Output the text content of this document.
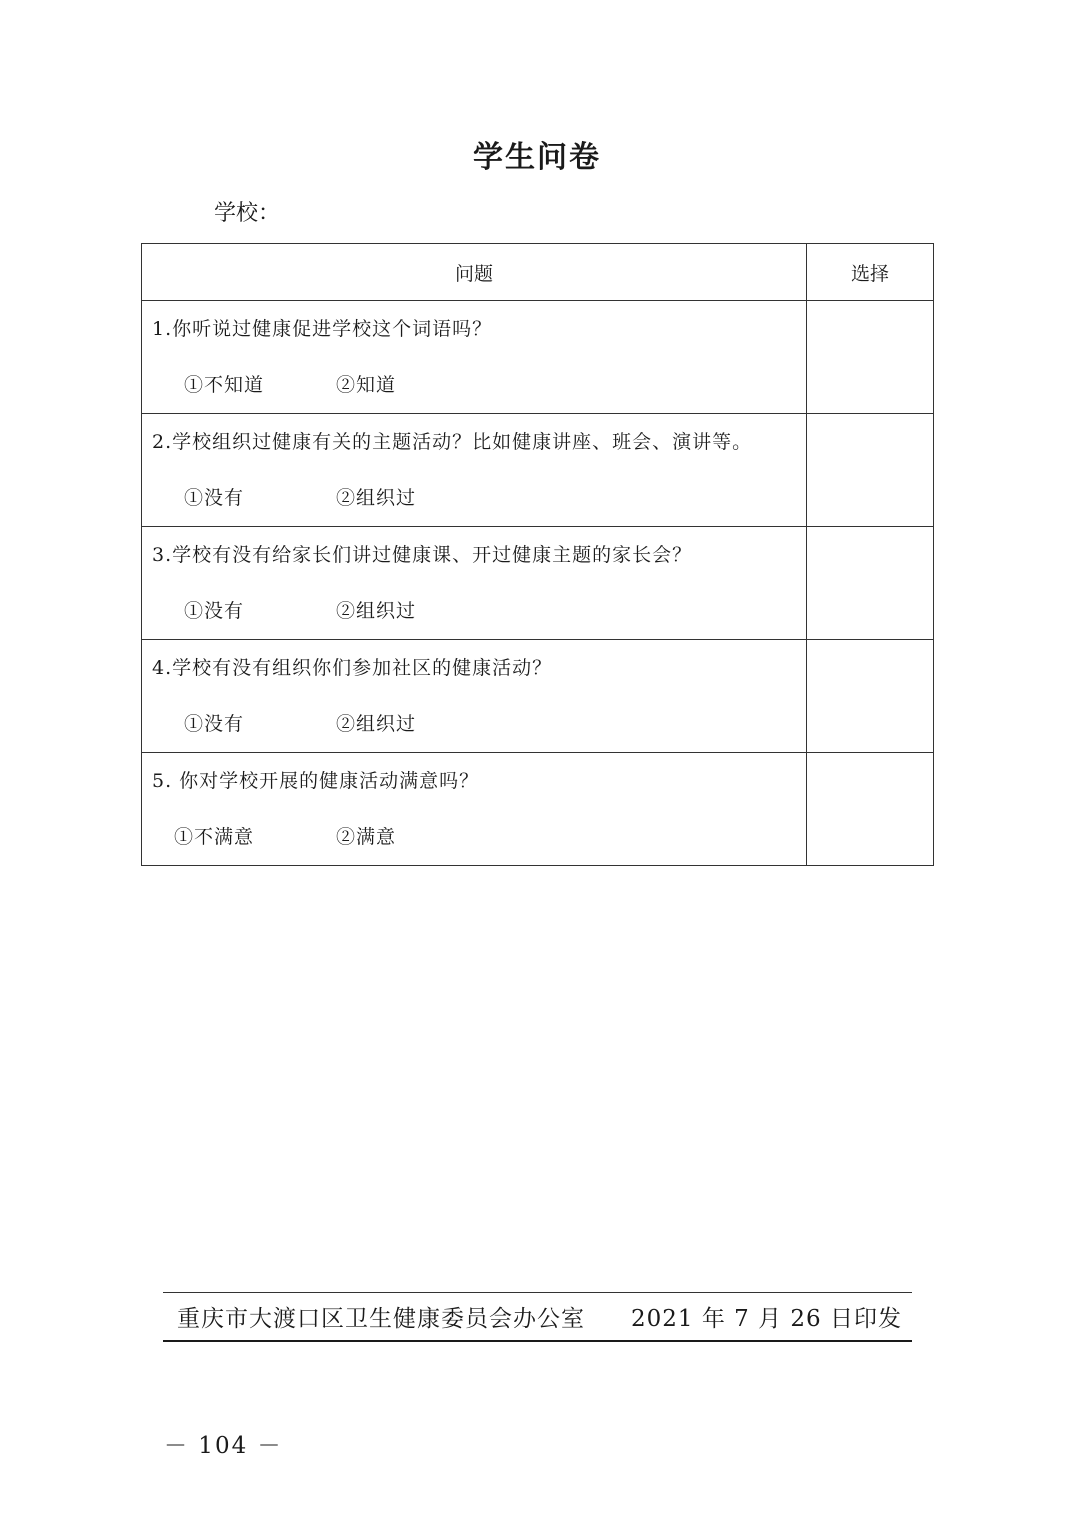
学生问卷
学校：
问题	选择

1.你听说过健康促进学校这个词语吗？
①不知道 ②知道	

2.学校组织过健康有关的主题活动？比如健康讲座、班会、演讲等。
①没有 ②组织过	

3.学校有没有给家长们讲过健康课、开过健康主题的家长会？
①没有 ②组织过	

4.学校有没有组织你们参加社区的健康活动？
①没有 ②组织过	

5. 你对学校开展的健康活动满意吗？
①不满意 ②满意	

重庆市大渡口区卫生健康委员会办公室 2021 年 7 月 26 日印发
－ 104 －
